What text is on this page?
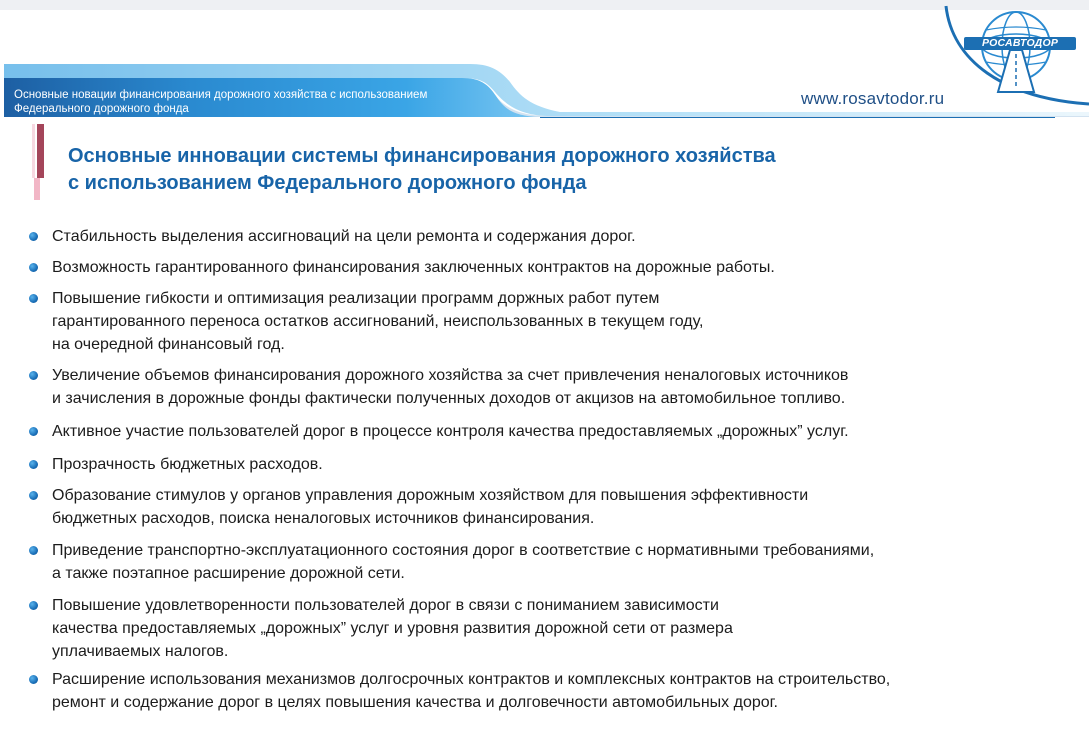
Основные новации финансирования дорожного хозяйства с использованием
Федерального дорожного фонда
www.rosavtodor.ru
РОСАВТОДОР
Основные инновации системы финансирования дорожного хозяйства
с использованием Федерального дорожного фонда
Стабильность выделения ассигноваций на цели ремонта и содержания дорог.
Возможность гарантированного финансирования заключенных контрактов на дорожные работы.
Повышение гибкости и оптимизация реализации программ доржных работ путем
гарантированного переноса остатков ассигнований, неиспользованных в текущем году,
на очередной финансовый год.
Увеличение объемов финансирования дорожного хозяйства за счет привлечения неналоговых источников
и зачисления в дорожные фонды фактически полученных доходов от акцизов на автомобильное топливо.
Активное участие пользователей дорог в процессе контроля качества предоставляемых „дорожных” услуг.
Прозрачность бюджетных расходов.
Образование стимулов у органов управления дорожным хозяйством для повышения эффективности
бюджетных расходов, поиска неналоговых источников финансирования.
Приведение транспортно-эксплуатационного состояния дорог в соответствие с нормативными требованиями,
а также поэтапное расширение дорожной сети.
Повышение удовлетворенности пользователей дорог в связи с пониманием зависимости
качества предоставляемых „дорожных” услуг и уровня развития дорожной сети от размера
уплачиваемых налогов.
Расширение использования механизмов долгосрочных контрактов и комплексных контрактов на строительство,
ремонт и содержание дорог в целях повышения качества и долговечности автомобильных дорог.
